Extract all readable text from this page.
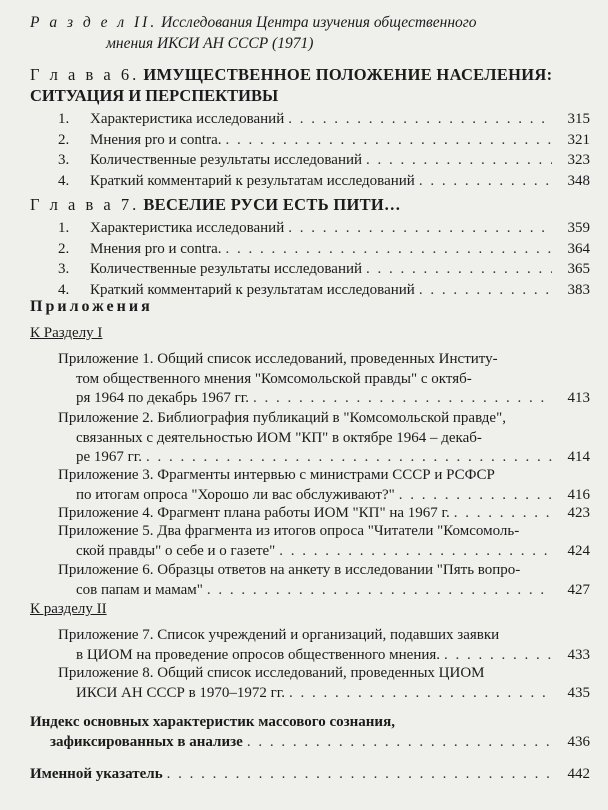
Р а з д е л II. Исследования Центра изучения общественного
мнения ИКСИ АН СССР (1971)
Г л а в а 6. ИМУЩЕСТВЕННОЕ ПОЛОЖЕНИЕ НАСЕЛЕНИЯ:
СИТУАЦИЯ И ПЕРСПЕКТИВЫ
1.	Характеристика исследований . . .	315
2.	Мнения pro и contra. . . .	321
3.	Количественные результаты исследований . . .	323
4.	Краткий комментарий к результатам исследований . . .	348
Г л а в а 7. ВЕСЕЛИЕ РУСИ ЕСТЬ ПИТИ…
1.	Характеристика исследований . . .	359
2.	Мнения pro и contra. . . .	364
3.	Количественные результаты исследований . . .	365
4.	Краткий комментарий к результатам исследований . . .	383
Приложения
К Разделу I
Приложение 1. Общий список исследований, проведенных Институ-
том общественного мнения "Комсомольской правды" с октяб-
ря 1964 по декабрь 1967 гг. . . .	413
Приложение 2. Библиография публикаций в "Комсомольской правде",
связанных с деятельностью ИОМ "КП" в октябре 1964 – декаб-
ре 1967 гг. . . .	414
Приложение 3. Фрагменты интервью с министрами СССР и РСФСР
по итогам опроса "Хорошо ли вас обслуживают?" . . .	416
Приложение 4. Фрагмент плана работы ИОМ "КП" на 1967 г. . . .	423
Приложение 5. Два фрагмента из итогов опроса "Читатели "Комсомоль-
ской правды" о себе и о газете" . . .	424
Приложение 6. Образцы ответов на анкету в исследовании "Пять вопро-
сов папам и мамам" . . .	427
К разделу II
Приложение 7. Список учреждений и организаций, подавших заявки
в ЦИОМ на проведение опросов общественного мнения. . . .	433
Приложение 8. Общий список исследований, проведенных ЦИОМ
ИКСИ АН СССР в 1970–1972 гг. . . .	435
Индекс основных характеристик массового сознания,
зафиксированных в анализе . . .	436
Именной указатель . . .	442
